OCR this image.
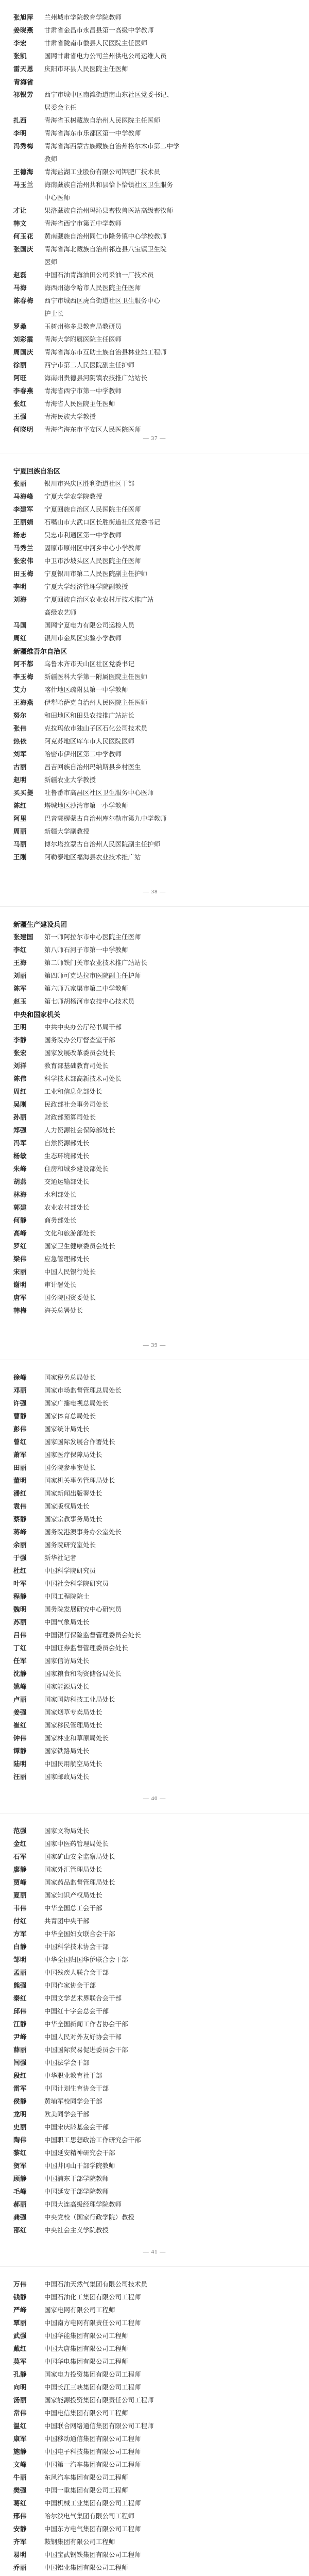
张旭萍	兰州城市学院教育学院教师
姜晓燕	甘肃省金昌市永昌县第一高级中学教师
李宏	甘肃省陇南市徽县人民医院主任医师
张凯	国网甘肃省电力公司兰州供电公司运维人员
雷天恩	庆阳市环县人民医院主任医师
青海省
祁银芳	西宁市城中区南滩街道南山东社区党委书记、
居委会主任
扎西	青海省玉树藏族自治州人民医院主任医师
李明	青海省海东市乐都区第一中学教师
冯秀梅	青海省海西蒙古族藏族自治州格尔木市第二中学
教师
王德海	青海盐湖工业股份有限公司钾肥厂技术员
马玉兰	海南藏族自治州共和县恰卜恰镇社区卫生服务
中心医师
才让	果洛藏族自治州玛沁县畜牧兽医站高级畜牧师
韩文	青海省西宁市第五中学教师
何玉花	黄南藏族自治州同仁市隆务镇中心学校教师
张国庆	青海省海北藏族自治州祁连县八宝镇卫生院
医师
赵磊	中国石油青海油田公司采油一厂技术员
马海	海西州德令哈市人民医院主任医师
陈春梅	西宁市城西区虎台街道社区卫生服务中心
护士长
罗桑	玉树州称多县教育局教研员
刘彩霞	青海大学附属医院主任医师
周国庆	青海省海东市互助土族自治县林业站工程师
徐丽	西宁市第二人民医院副主任护师
阿旺	海南州贵德县河阴镇农技推广站站长
李春燕	青海省西宁市第一中学教师
张红	青海省人民医院主任医师
王强	青海民族大学教授
何晓明	青海省海东市平安区人民医院医师
— 37 —
宁夏回族自治区
张丽	银川市兴庆区胜利街道社区干部
马海峰	宁夏大学农学院教授
李建军	宁夏回族自治区人民医院主任医师
王丽娟	石嘴山市大武口区长胜街道社区党委书记
杨志	吴忠市利通区第一中学教师
马秀兰	固原市原州区中河乡中心小学教师
张宏伟	中卫市沙坡头区人民医院主任医师
田玉梅	宁夏银川市第二人民医院副主任护师
李明	宁夏大学经济管理学院副教授
刘海	宁夏回族自治区农业农村厅技术推广站
高级农艺师
马国	国网宁夏电力有限公司运检人员
周红	银川市金凤区实验小学教师
新疆维吾尔自治区
阿不都	乌鲁木齐市天山区社区党委书记
李玉梅	新疆医科大学第一附属医院主任医师
艾力	喀什地区疏附县第一中学教师
王海燕	伊犁哈萨克自治州人民医院主任医师
努尔	和田地区和田县农技推广站站长
张伟	克拉玛依市独山子区石化公司技术员
热依	阿克苏地区库车市人民医院医师
刘军	哈密市伊州区第二中学教师
古丽	昌吉回族自治州玛纳斯县乡村医生
赵明	新疆农业大学教授
买买提	吐鲁番市高昌区社区卫生服务中心医师
陈红	塔城地区沙湾市第一小学教师
阿里	巴音郭楞蒙古自治州库尔勒市第九中学教师
周丽	新疆大学副教授
马丽	博尔塔拉蒙古自治州人民医院副主任护师
王刚	阿勒泰地区福海县农业技术推广站
— 38 —
新疆生产建设兵团
张建国	第一师阿拉尔市中心医院主任医师
李红	第八师石河子市第一中学教师
王海	第二师铁门关市农业技术推广站站长
刘丽	第四师可克达拉市医院副主任护师
陈军	第六师五家渠市第二中学教师
赵玉	第七师胡杨河市农技中心技术员
中央和国家机关
王明	中共中央办公厅秘书局干部
李静	国务院办公厅督查室干部
张宏	国家发展改革委员会处长
刘洋	教育部基础教育司处长
陈伟	科学技术部高新技术司处长
周红	工业和信息化部处长
吴刚	民政部社会事务司处长
孙丽	财政部预算司处长
郑强	人力资源社会保障部处长
冯军	自然资源部处长
杨敏	生态环境部处长
朱峰	住房和城乡建设部处长
胡燕	交通运输部处长
林海	水利部处长
郭建	农业农村部处长
何静	商务部处长
高峰	文化和旅游部处长
罗红	国家卫生健康委员会处长
梁伟	应急管理部处长
宋丽	中国人民银行处长
谢明	审计署处长
唐军	国务院国资委处长
韩梅	海关总署处长
— 39 —
徐峰	国家税务总局处长
邓丽	国家市场监督管理总局处长
许强	国家广播电视总局处长
曹静	国家体育总局处长
彭伟	国家统计局处长
曾红	国家国际发展合作署处长
萧军	国家医疗保障局处长
田丽	国务院参事室处长
董明	国家机关事务管理局处长
潘红	国家新闻出版署处长
袁伟	国家版权局处长
蔡静	国家宗教事务局处长
蒋峰	国务院港澳事务办公室处长
余丽	国务院研究室处长
于强	新华社记者
杜红	中国科学院研究员
叶军	中国社会科学院研究员
程静	中国工程院院士
魏明	国务院发展研究中心研究员
苏丽	中国气象局处长
吕伟	中国银行保险监督管理委员会处长
丁红	中国证券监督管理委员会处长
任军	国家信访局处长
沈静	国家粮食和物资储备局处长
姚峰	国家能源局处长
卢丽	国家国防科技工业局处长
姜强	国家烟草专卖局处长
崔红	国家移民管理局处长
钟伟	国家林业和草原局处长
谭静	国家铁路局处长
陆明	中国民用航空局处长
汪丽	国家邮政局处长
— 40 —
范强	国家文物局处长
金红	国家中医药管理局处长
石军	国家矿山安全监察局处长
廖静	国家外汇管理局处长
贾峰	国家药品监督管理局处长
夏丽	国家知识产权局处长
韦伟	中华全国总工会干部
付红	共青团中央干部
方军	中华全国妇女联合会干部
白静	中国科学技术协会干部
邹明	中华全国归国华侨联合会干部
孟丽	中国残疾人联合会干部
熊强	中国作家协会干部
秦红	中国文学艺术界联合会干部
邱伟	中国红十字会总会干部
江静	中华全国新闻工作者协会干部
尹峰	中国人民对外友好协会干部
薛丽	中国国际贸易促进委员会干部
闫强	中国法学会干部
段红	中华职业教育社干部
雷军	中国计划生育协会干部
侯静	黄埔军校同学会干部
龙明	欧美同学会干部
史丽	中国宋庆龄基金会干部
陶伟	中国职工思想政治工作研究会干部
黎红	中国延安精神研究会干部
贺军	中国井冈山干部学院教师
顾静	中国浦东干部学院教师
毛峰	中国延安干部学院教师
郝丽	中国大连高级经理学院教师
龚强	中央党校（国家行政学院）教授
邵红	中央社会主义学院教授
— 41 —
万伟	中国石油天然气集团有限公司技术员
钱静	中国石油化工集团有限公司工程师
严峰	国家电网有限公司工程师
覃丽	中国南方电网有限责任公司工程师
武强	中国华能集团有限公司工程师
戴红	中国大唐集团有限公司工程师
莫军	中国华电集团有限公司工程师
孔静	国家电力投资集团有限公司工程师
向明	中国长江三峡集团有限公司工程师
汤丽	国家能源投资集团有限责任公司工程师
常伟	中国电信集团有限公司工程师
温红	中国联合网络通信集团有限公司工程师
康军	中国移动通信集团有限公司工程师
施静	中国电子科技集团有限公司工程师
文峰	中国第一汽车集团有限公司工程师
牛丽	东风汽车集团有限公司工程师
樊强	中国一重集团有限公司工程师
葛红	中国机械工业集团有限公司工程师
邢伟	哈尔滨电气集团有限公司工程师
安静	中国东方电气集团有限公司工程师
齐军	鞍钢集团有限公司工程师
易明	中国宝武钢铁集团有限公司工程师
乔丽	中国铝业集团有限公司工程师
